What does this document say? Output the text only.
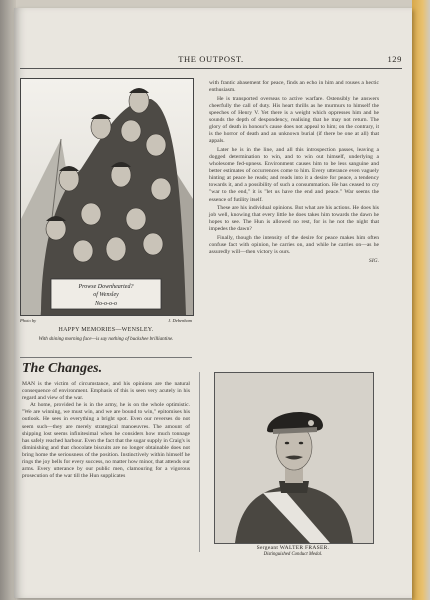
THE OUTPOST.	129
Prowse Downhearted?
of Wensley
No-o-o-o
Photo by	J. Debenham
HAPPY MEMORIES—WENSLEY.
With shining morning face—is say nothing of buckshee brilliantine.
The Changes.

MAN is the victim of circumstance, and his opinions are the natural consequence of environment. Emphasis of this is seen very acutely in his regard and view of the war.

At home, provided he is in the army, he is on the whole optimistic. "We are winning, we must win, and we are bound to win," epitomises his outlook. He sees in everything a bright spot. Even our reverses do not seem such—they are merely strategical manoeuvres. The amount of shipping lost seems infinitesimal when he considers how much tonnage has safely reached harbour. Even the fact that the sugar supply in Craig's is diminishing and that chocolate biscuits are no longer obtainable does not bring home the seriousness of the position. Instinctively within himself he rings the joy bells for every success, no matter how minor, that attends our arms. Every utterance by our public men, clamouring for a vigorous prosecution of the war till the Hun supplicates

with frantic abasement for peace, finds an echo in him and rouses a hectic enthusiasm.

He is transported overseas to active warfare. Ostensibly he answers cheerfully the call of duty. His heart thrills as he murmurs to himself the speeches of Henry V. Yet there is a weight which oppresses him and he sounds the depth of despondency, realising that he may not return. The glory of death in honour's cause does not appeal to him; on the contrary, it is the horror of death and an unknown burial (if there be one at all) that appals.

Later he is in the line, and all this introspection passes, leaving a dogged determination to win, and to win out himself, underlying a wholesome fed-upness. Environment causes him to be less sanguine and better estimates of occurrences come to him. Every utterance even vaguely hinting at peace he reads; and reads into it a desire for peace, a tendency towards it, and a possibility of such a consummation. He has ceased to cry "war to the end," it is "let us have the end and peace." War seems the essence of futility itself.

These are his individual opinions. But what are his actions. He does his job well, knowing that every little he does takes him towards the dawn he hopes to see. The Hun is allowed no rest, for is he not the night that impedes the dawn?

Finally, though the intensity of the desire for peace makes him often confuse fact with opinion, he carries on, and while he carries on—as he assuredly will—then victory is ours.

SIG.

Sergeant WALTER FRASER.
Distinguished Conduct Medal.
